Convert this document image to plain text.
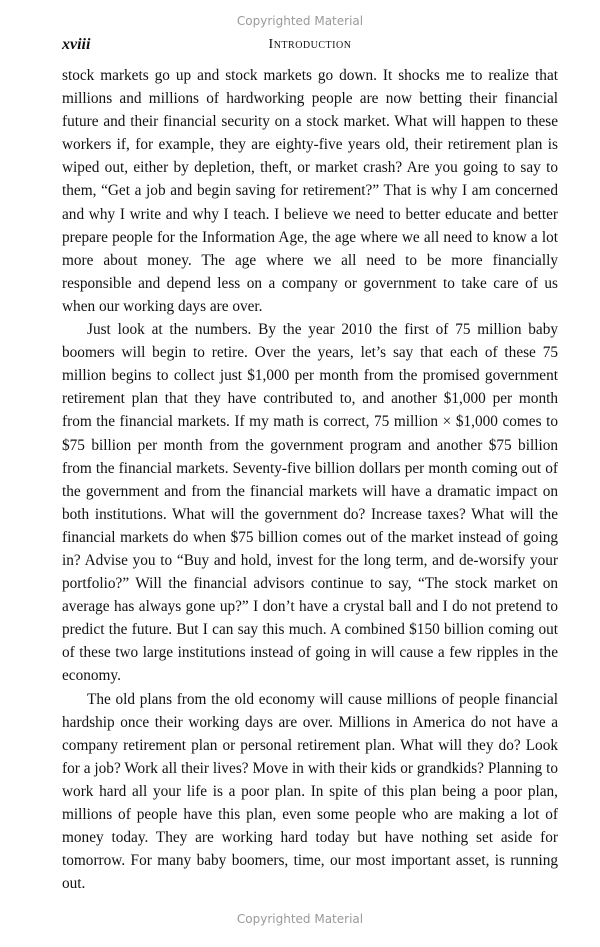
Copyrighted Material
xviii	Introduction

stock markets go up and stock markets go down. It shocks me to realize that millions and millions of hardworking people are now betting their financial future and their financial security on a stock market. What will happen to these workers if, for example, they are eighty-five years old, their retirement plan is wiped out, either by depletion, theft, or market crash? Are you going to say to them, “Get a job and begin saving for retirement?” That is why I am concerned and why I write and why I teach. I believe we need to better educate and better prepare people for the Information Age, the age where we all need to know a lot more about money. The age where we all need to be more financially responsible and depend less on a company or government to take care of us when our working days are over.

Just look at the numbers. By the year 2010 the first of 75 million baby boomers will begin to retire. Over the years, let’s say that each of these 75 million begins to collect just $1,000 per month from the promised government retirement plan that they have contributed to, and another $1,000 per month from the financial markets. If my math is correct, 75 million × $1,000 comes to $75 billion per month from the government program and another $75 billion from the financial markets. Seventy-five billion dollars per month coming out of the government and from the financial markets will have a dramatic impact on both institutions. What will the government do? Increase taxes? What will the financial markets do when $75 billion comes out of the market instead of going in? Advise you to “Buy and hold, invest for the long term, and de-worsify your portfolio?” Will the financial advisors continue to say, “The stock market on average has always gone up?” I don’t have a crystal ball and I do not pretend to predict the future. But I can say this much. A combined $150 billion coming out of these two large institutions instead of going in will cause a few ripples in the economy.

The old plans from the old economy will cause millions of people financial hardship once their working days are over. Millions in America do not have a company retirement plan or personal retirement plan. What will they do? Look for a job? Work all their lives? Move in with their kids or grandkids? Planning to work hard all your life is a poor plan. In spite of this plan being a poor plan, millions of people have this plan, even some people who are making a lot of money today. They are working hard today but have nothing set aside for tomorrow. For many baby boomers, time, our most important asset, is running out.

Copyrighted Material
